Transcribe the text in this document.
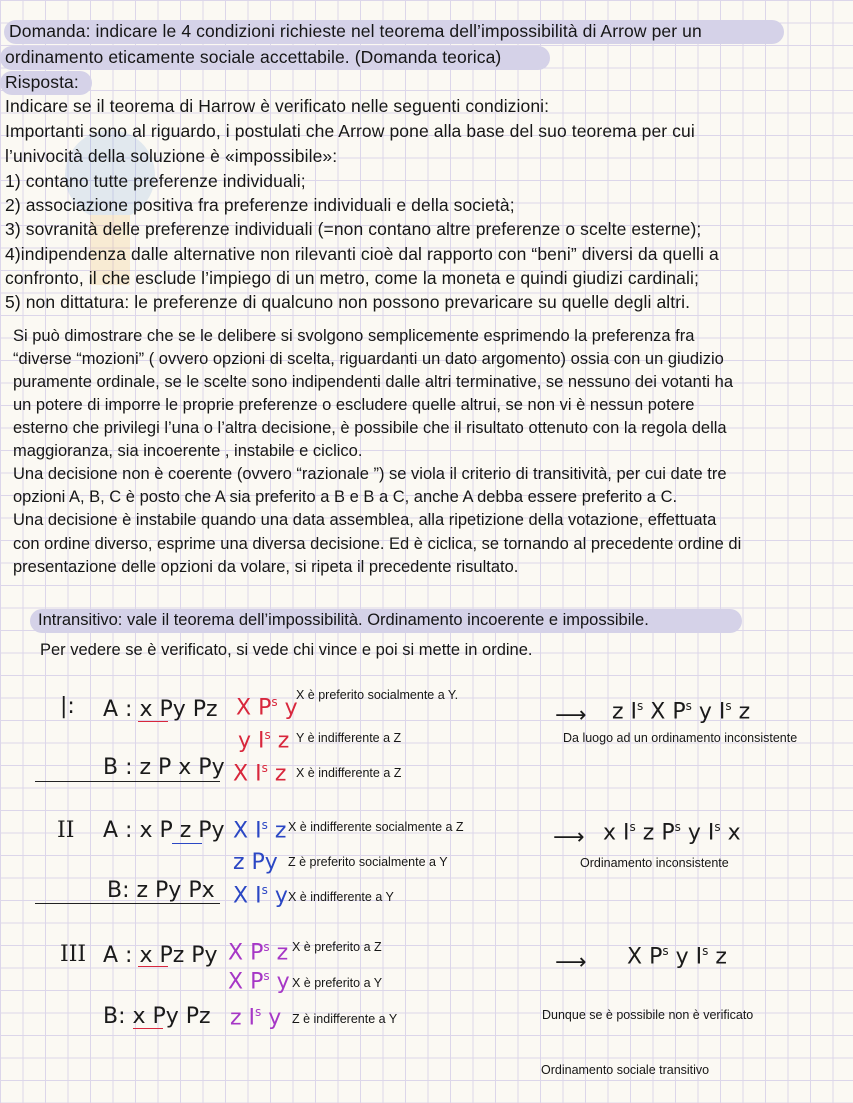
Domanda: indicare le 4 condizioni richieste nel teorema dell’impossibilità di Arrow per un
ordinamento eticamente sociale accettabile. (Domanda teorica)
Risposta:
Indicare se il teorema di Harrow è verificato nelle seguenti condizioni:
Importanti sono al riguardo, i postulati che Arrow pone alla base del suo teorema per cui
l’univocità della soluzione è «impossibile»:
1) contano tutte preferenze individuali;
2) associazione positiva fra preferenze individuali e della società;
3) sovranità delle preferenze individuali (=non contano altre preferenze o scelte esterne);
4)indipendenza dalle alternative non rilevanti cioè dal rapporto con “beni” diversi da quelli a
confronto, il che esclude l’impiego di un metro, come la moneta e quindi giudizi cardinali;
5) non dittatura: le preferenze di qualcuno non possono prevaricare su quelle degli altri.
Si può dimostrare che se le delibere si svolgono semplicemente esprimendo la preferenza fra
“diverse “mozioni” ( ovvero opzioni di scelta, riguardanti un dato argomento) ossia con un giudizio
puramente ordinale, se le scelte sono indipendenti dalle altri terminative, se nessuno dei votanti ha
un potere di imporre le proprie preferenze o escludere quelle altrui, se non vi è nessun potere
esterno che privilegi l’una o l’altra decisione, è possibile che il risultato ottenuto con la regola della
maggioranza, sia incoerente , instabile e ciclico.
Una decisione non è coerente (ovvero “razionale ”) se viola il criterio di transitività, per cui date tre
opzioni A, B, C è posto che A sia preferito a B e B a C, anche A debba essere preferito a C.
Una decisione è instabile quando una data assemblea, alla ripetizione della votazione, effettuata
con ordine diverso, esprime una diversa decisione. Ed è ciclica, se tornando al precedente ordine di
presentazione delle opzioni da volare, si ripeta il precedente risultato.
Intransitivo: vale il teorema dell’impossibilità. Ordinamento incoerente e impossibile.
Per vedere se è verificato, si vede chi vince e poi si mette in ordine.
|: A : x Py Pz
B : z P x Py
X $P^s$ y
X è preferito socialmente a Y.
y $I^s$ z Y è indifferente a Z
X $I^s$ z X è indifferente a Z
⟶ z $I^s$ X $P^s$ y $I^s$ z
Da luogo ad un ordinamento inconsistente
II A : x P z Py
B: z Py Px
X $I^s$ z X è indifferente socialmente a Z
z Py Z è preferito socialmente a Y
X $I^s$ y X è indifferente a Y
⟶ x $I^s$ z $P^s$ y $I^s$ x
Ordinamento inconsistente
III A : x Pz Py
B: x Py Pz
X $P^s$ z X è preferito a Z
X $P^s$ y X è preferito a Y
z $I^s$ y Z è indifferente a Y
⟶ X $P^s$ y $I^s$ z
Dunque se è possibile non è verificato
Ordinamento sociale transitivo
